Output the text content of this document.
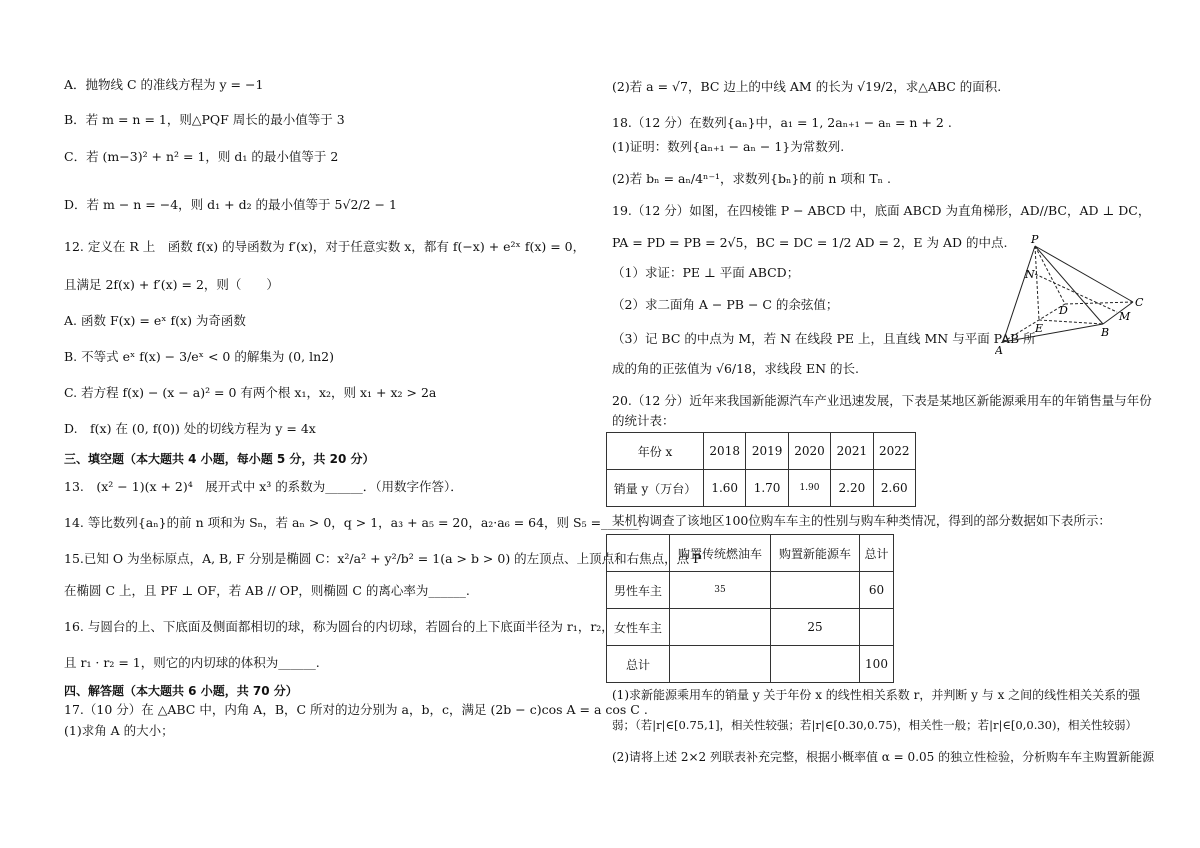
A．抛物线 C 的准线方程为 y = −1
B．若 m = n = 1，则△PQF 周长的最小值等于 3
C．若 (m−3)² + n² = 1，则 d₁ 的最小值等于 2
D．若 m − n = −4，则 d₁ + d₂ 的最小值等于 5√2/2 − 1
12. 定义在 R 上　函数 f(x) 的导函数为 f′(x)，对于任意实数 x，都有 f(−x) + e²ˣ f(x) = 0，
且满足 2f(x) + f′(x) = 2，则（　　）
A. 函数 F(x) = eˣ f(x) 为奇函数
B. 不等式 eˣ f(x) − 3/eˣ < 0 的解集为 (0, ln2)
C. 若方程 f(x) − (x − a)² = 0 有两个根 x₁，x₂，则 x₁ + x₂ > 2a
D.　f(x) 在 (0, f(0)) 处的切线方程为 y = 4x
三、填空题（本大题共 4 小题，每小题 5 分，共 20 分）
13.　(x² − 1)(x + 2)⁴　展开式中 x³ 的系数为______．（用数字作答）．
14. 等比数列{aₙ}的前 n 项和为 Sₙ，若 aₙ > 0，q > 1，a₃ + a₅ = 20，a₂·a₆ = 64，则 S₅ =______.
15.已知 O 为坐标原点，A, B, F 分别是椭圆 C：x²/a² + y²/b² = 1(a > b > 0) 的左顶点、上顶点和右焦点，点 P
在椭圆 C 上，且 PF ⊥ OF，若 AB // OP，则椭圆 C 的离心率为______.
16. 与圆台的上、下底面及侧面都相切的球，称为圆台的内切球，若圆台的上下底面半径为 r₁，r₂，
且 r₁ · r₂ = 1，则它的内切球的体积为______.
四、解答题（本大题共 6 小题，共 70 分）
17.（10 分）在 △ABC 中，内角 A，B，C 所对的边分别为 a，b，c，满足 (2b − c)cos A = a cos C .
(1)求角 A 的大小；
(2)若 a = √7，BC 边上的中线 AM 的长为 √19/2，求△ABC 的面积.
18.（12 分）在数列{aₙ}中，a₁ = 1, 2aₙ₊₁ − aₙ = n + 2 .
(1)证明：数列{aₙ₊₁ − aₙ − 1}为常数列.
(2)若 bₙ = aₙ/4ⁿ⁻¹，求数列{bₙ}的前 n 项和 Tₙ .
19.（12 分）如图，在四棱锥 P − ABCD 中，底面 ABCD 为直角梯形，AD//BC，AD ⊥ DC，
PA = PD = PB = 2√5，BC = DC = 1/2 AD = 2，E 为 AD 的中点.
（1）求证：PE ⊥ 平面 ABCD；
（2）求二面角 A − PB − C 的余弦值；
（3）记 BC 的中点为 M，若 N 在线段 PE 上，且直线 MN 与平面 PAB 所
成的角的正弦值为 √6/18，求线段 EN 的长.
20.（12 分）近年来我国新能源汽车产业迅速发展，下表是某地区新能源乘用车的年销售量与年份
的统计表：
P
N
D
C
M
E	B
A
年份 x	2018	2019	2020	2021	2022
销量 y（万台）	1.60	1.70	1.90	2.20	2.60
某机构调查了该地区100位购车车主的性别与购车种类情况，得到的部分数据如下表所示：
	购置传统燃油车	购置新能源车	总计
男性车主	35		60
女性车主		25	
总计			100
(1)求新能源乘用车的销量 y 关于年份 x 的线性相关系数 r，并判断 y 与 x 之间的线性相关关系的强
弱；（若|r|∈[0.75,1]，相关性较强；若|r|∈[0.30,0.75)，相关性一般；若|r|∈[0,0.30)，相关性较弱）
(2)请将上述 2×2 列联表补充完整，根据小概率值 α = 0.05 的独立性检验，分析购车车主购置新能源
